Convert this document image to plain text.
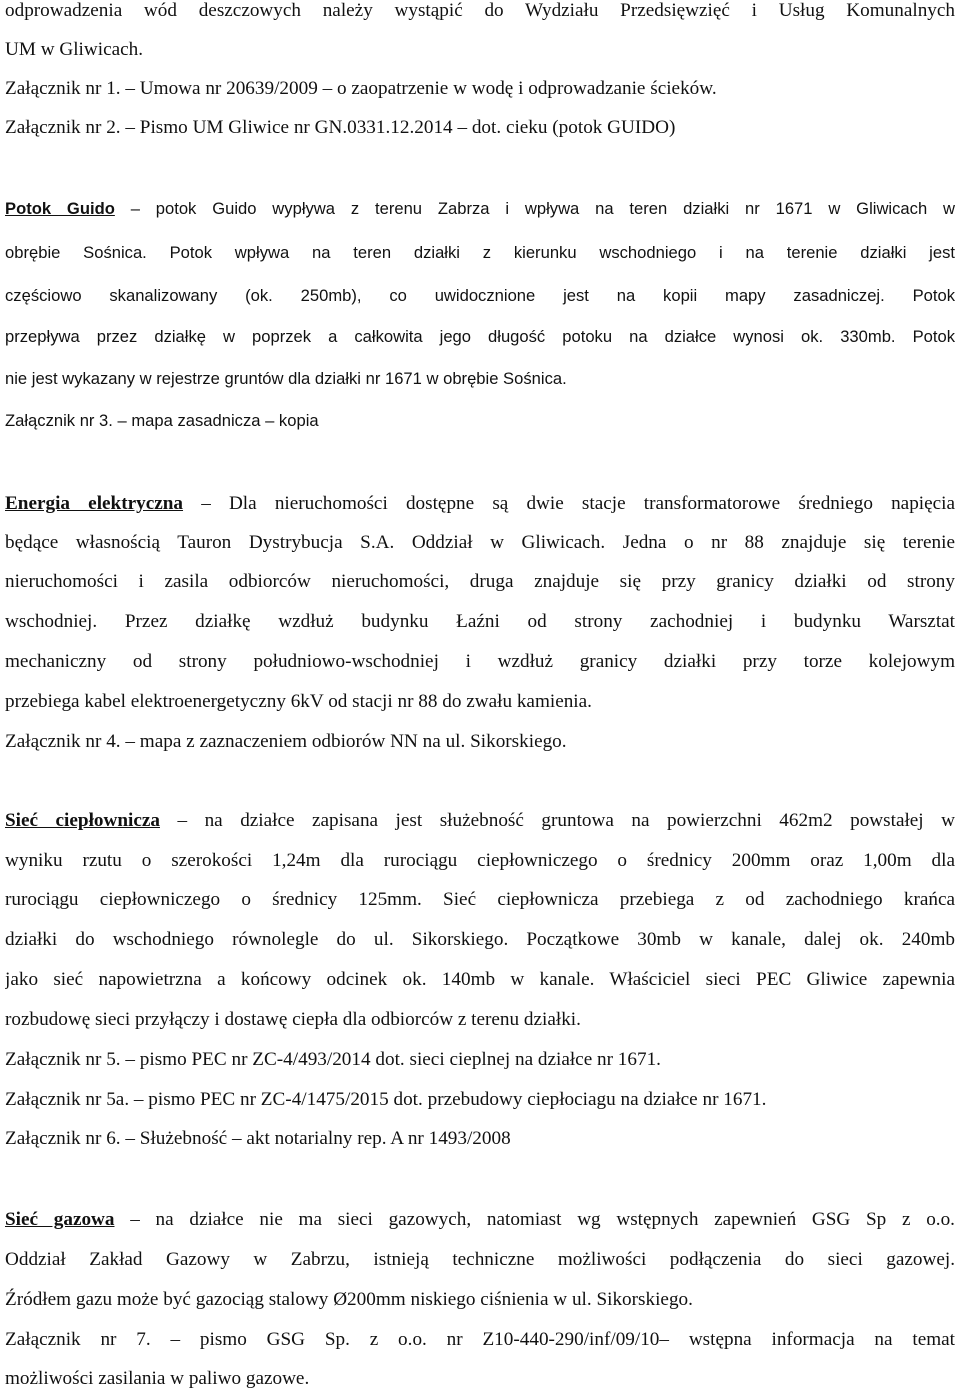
odprowadzenia wód deszczowych należy wystąpić do Wydziału Przedsięwzięć i Usług Komunalnych
UM w Gliwicach.
Załącznik nr 1. – Umowa nr 20639/2009 – o zaopatrzenie w wodę i odprowadzanie ścieków.
Załącznik nr 2. – Pismo UM Gliwice nr GN.0331.12.2014 – dot. cieku (potok GUIDO)
Potok Guido – potok Guido wypływa z terenu Zabrza i wpływa na teren działki nr 1671 w Gliwicach w
obrębie Sośnica. Potok wpływa na teren działki z kierunku wschodniego i na terenie działki jest
częściowo skanalizowany (ok. 250mb), co uwidocznione jest na kopii mapy zasadniczej. Potok
przepływa przez działkę w poprzek a całkowita jego długość potoku na działce wynosi ok. 330mb. Potok
nie jest wykazany w rejestrze gruntów dla działki nr 1671 w obrębie Sośnica.
Załącznik nr 3. – mapa zasadnicza – kopia
Energia elektryczna – Dla nieruchomości dostępne są dwie stacje transformatorowe średniego napięcia
będące własnością Tauron Dystrybucja S.A. Oddział w Gliwicach. Jedna o nr 88 znajduje się terenie
nieruchomości i zasila odbiorców nieruchomości, druga znajduje się przy granicy działki od strony
wschodniej. Przez działkę wzdłuż budynku Łaźni od strony zachodniej i budynku Warsztat
mechaniczny od strony południowo-wschodniej i wzdłuż granicy działki przy torze kolejowym
przebiega kabel elektroenergetyczny 6kV od stacji nr 88 do zwału kamienia.
Załącznik nr 4. – mapa z zaznaczeniem odbiorów NN na ul. Sikorskiego.
Sieć ciepłownicza – na działce zapisana jest służebność gruntowa na powierzchni 462m2 powstałej w
wyniku rzutu o szerokości 1,24m dla rurociągu ciepłowniczego o średnicy 200mm oraz 1,00m dla
rurociągu ciepłowniczego o średnicy 125mm. Sieć ciepłownicza przebiega z od zachodniego krańca
działki do wschodniego równolegle do ul. Sikorskiego. Początkowe 30mb w kanale, dalej ok. 240mb
jako sieć napowietrzna a końcowy odcinek ok. 140mb w kanale. Właściciel sieci PEC Gliwice zapewnia
rozbudowę sieci przyłączy i dostawę ciepła dla odbiorców z terenu działki.
Załącznik nr 5. – pismo PEC nr ZC-4/493/2014 dot. sieci cieplnej na działce nr 1671.
Załącznik nr 5a. – pismo PEC nr ZC-4/1475/2015 dot. przebudowy ciepłociagu na działce nr 1671.
Załącznik nr 6. – Służebność – akt notarialny rep. A nr 1493/2008
Sieć gazowa – na działce nie ma sieci gazowych, natomiast wg wstępnych zapewnień GSG Sp z o.o.
Oddział Zakład Gazowy w Zabrzu, istnieją techniczne możliwości podłączenia do sieci gazowej.
Źródłem gazu może być gazociąg stalowy Ø200mm niskiego ciśnienia w ul. Sikorskiego.
Załącznik nr 7. – pismo GSG Sp. z o.o. nr Z10-440-290/inf/09/10– wstępna informacja na temat
możliwości zasilania w paliwo gazowe.
